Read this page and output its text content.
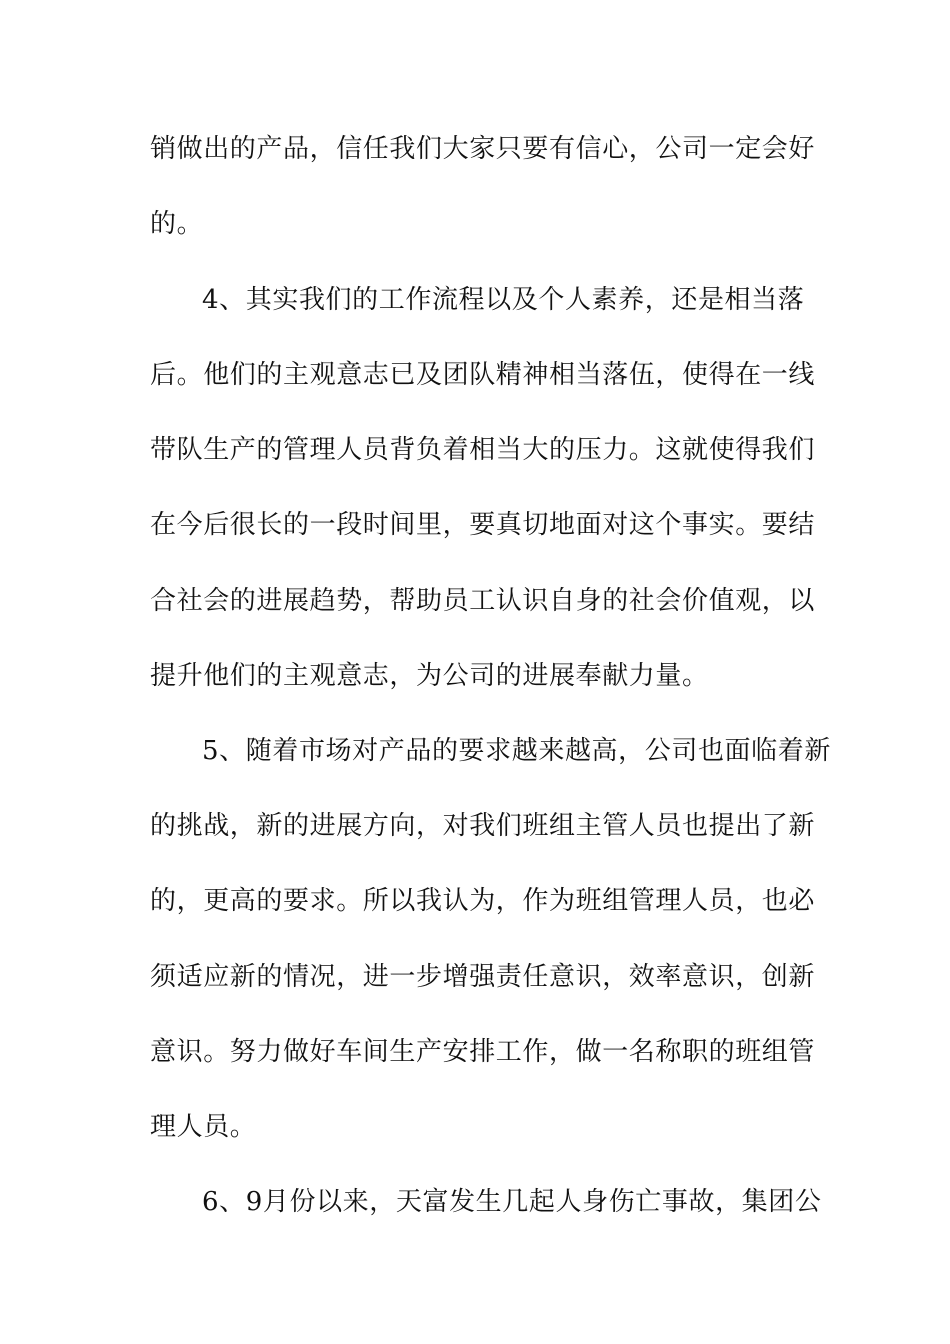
销做出的产品，信任我们大家只要有信心，公司一定会好
的。
4、其实我们的工作流程以及个人素养，还是相当落
后。他们的主观意志已及团队精神相当落伍，使得在一线
带队生产的管理人员背负着相当大的压力。这就使得我们
在今后很长的一段时间里，要真切地面对这个事实。要结
合社会的进展趋势，帮助员工认识自身的社会价值观，以
提升他们的主观意志，为公司的进展奉献力量。
5、随着市场对产品的要求越来越高，公司也面临着新
的挑战，新的进展方向，对我们班组主管人员也提出了新
的，更高的要求。所以我认为，作为班组管理人员，也必
须适应新的情况，进一步增强责任意识，效率意识，创新
意识。努力做好车间生产安排工作，做一名称职的班组管
理人员。
6、9月份以来，天富发生几起人身伤亡事故，集团公
